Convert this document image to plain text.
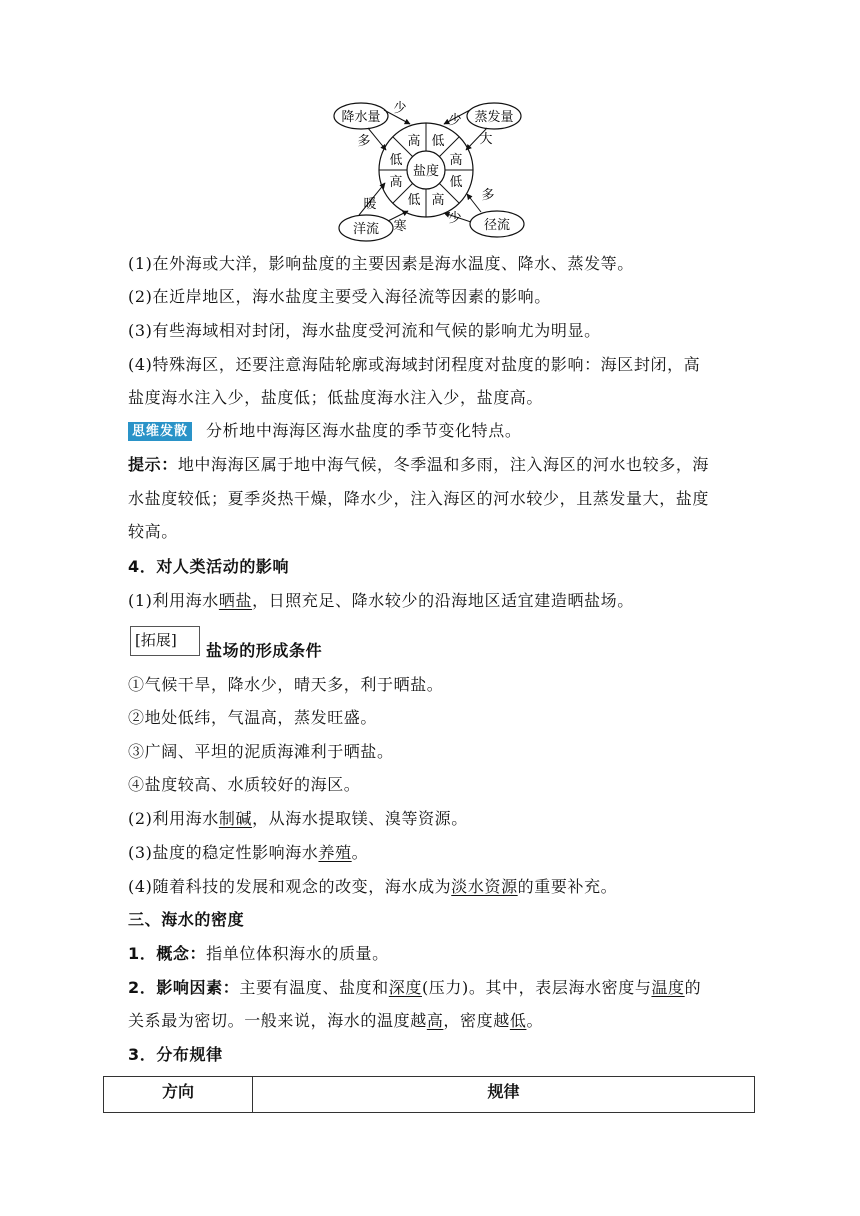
盐度
高 低
高
低
高
低
高
低
降水量	蒸发量
洋流	径流
少
多
少
大
暖
寒
多
少
(1)在外海或大洋，影响盐度的主要因素是海水温度、降水、蒸发等。
(2)在近岸地区，海水盐度主要受入海径流等因素的影响。
(3)有些海域相对封闭，海水盐度受河流和气候的影响尤为明显。
(4)特殊海区，还要注意海陆轮廓或海域封闭程度对盐度的影响：海区封闭，高
盐度海水注入少，盐度低；低盐度海水注入少，盐度高。
思维发散 分析地中海海区海水盐度的季节变化特点。
提示：地中海海区属于地中海气候，冬季温和多雨，注入海区的河水也较多，海
水盐度较低；夏季炎热干燥，降水少，注入海区的河水较少，且蒸发量大，盐度
较高。
4．对人类活动的影响
(1)利用海水晒盐，日照充足、降水较少的沿海地区适宜建造晒盐场。
[拓展]
盐场的形成条件
①气候干旱，降水少，晴天多，利于晒盐。
②地处低纬，气温高，蒸发旺盛。
③广阔、平坦的泥质海滩利于晒盐。
④盐度较高、水质较好的海区。
(2)利用海水制碱，从海水提取镁、溴等资源。
(3)盐度的稳定性影响海水养殖。
(4)随着科技的发展和观念的改变，海水成为淡水资源的重要补充。
三、海水的密度
1．概念：指单位体积海水的质量。
2．影响因素：主要有温度、盐度和深度(压力)。其中，表层海水密度与温度的
关系最为密切。一般来说，海水的温度越高，密度越低。
3．分布规律
方向	规律
